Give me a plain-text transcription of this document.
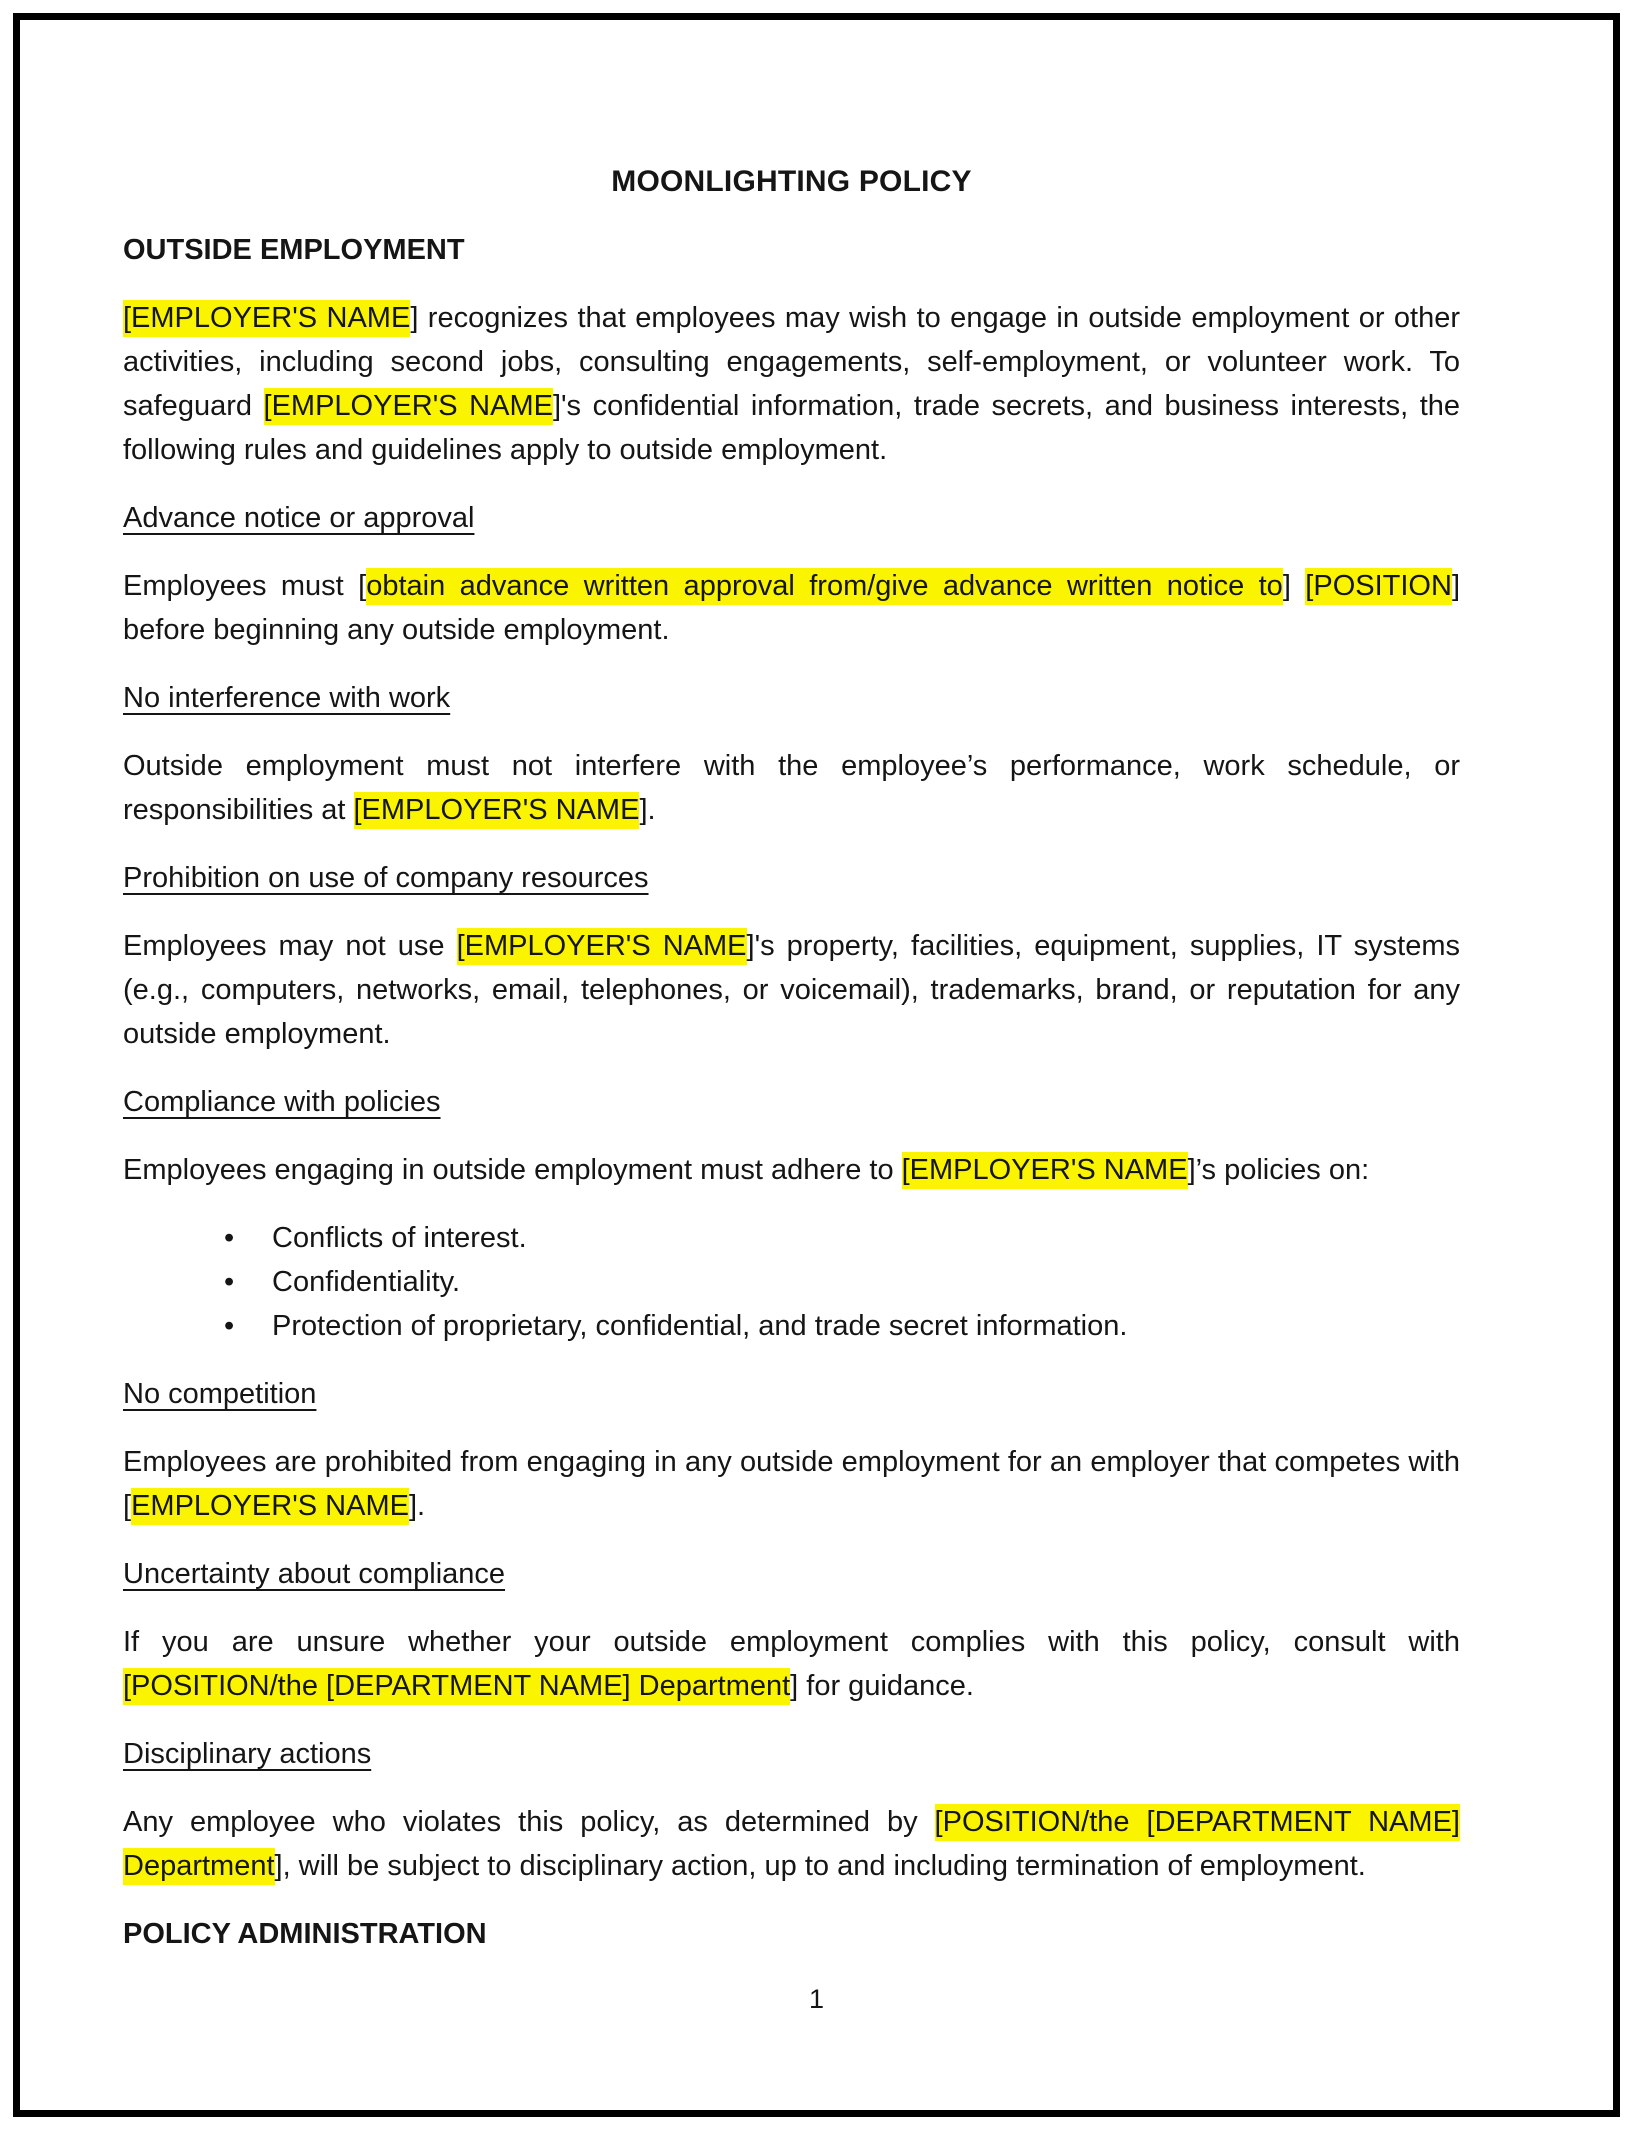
MOONLIGHTING POLICY

OUTSIDE EMPLOYMENT

[EMPLOYER'S NAME] recognizes that employees may wish to engage in outside employment or other activities, including second jobs, consulting engagements, self-employment, or volunteer work. To safeguard [EMPLOYER'S NAME]'s confidential information, trade secrets, and business interests, the following rules and guidelines apply to outside employment.

Advance notice or approval

Employees must [obtain advance written approval from/give advance written notice to] [POSITION] before beginning any outside employment.

No interference with work

Outside employment must not interfere with the employee’s performance, work schedule, or responsibilities at [EMPLOYER'S NAME].

Prohibition on use of company resources

Employees may not use [EMPLOYER'S NAME]'s property, facilities, equipment, supplies, IT systems (e.g., computers, networks, email, telephones, or voicemail), trademarks, brand, or reputation for any outside employment.

Compliance with policies

Employees engaging in outside employment must adhere to [EMPLOYER'S NAME]’s policies on:

• Conflicts of interest.
• Confidentiality.
• Protection of proprietary, confidential, and trade secret information.

No competition

Employees are prohibited from engaging in any outside employment for an employer that competes with [EMPLOYER'S NAME].

Uncertainty about compliance

If you are unsure whether your outside employment complies with this policy, consult with [POSITION/the [DEPARTMENT NAME] Department] for guidance.

Disciplinary actions

Any employee who violates this policy, as determined by [POSITION/the [DEPARTMENT NAME] Department], will be subject to disciplinary action, up to and including termination of employment.

POLICY ADMINISTRATION

1
